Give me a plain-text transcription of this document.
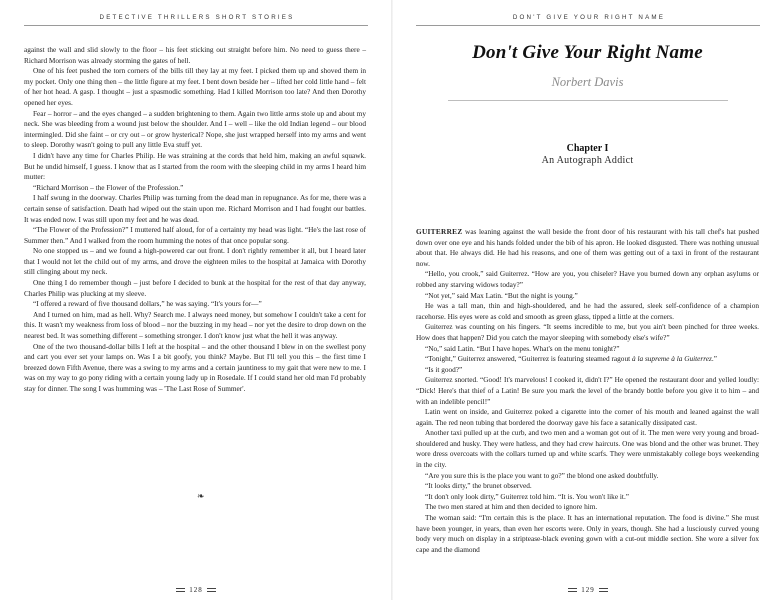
DETECTIVE THRILLERS SHORT STORIES

against the wall and slid slowly to the floor – his feet sticking out straight before him. No need to guess there – Richard Morrison was already storming the gates of hell.

One of his feet pushed the torn corners of the bills till they lay at my feet. I picked them up and shoved them in my pocket. Only one thing then – the little figure at my feet. I bent down beside her – lifted her cold little hand – felt of her hot head. A gasp. I thought – just a spasmodic something. Had I killed Morrison too late? And then Dorothy opened her eyes.

Fear – horror – and the eyes changed – a sudden brightening to them. Again two little arms stole up and about my neck. She was bleeding from a wound just below the shoulder. And I – well – like the old Indian legend – our blood intermingled. Did she faint – or cry out – or grow hysterical? Nope, she just wrapped herself into my arms and went to sleep. Dorothy wasn't going to pull any little Eva stuff yet.

I didn't have any time for Charles Philip. He was straining at the cords that held him, making an awful squawk. But he undid himself, I guess. I know that as I started from the room with the sleeping child in my arms I heard him mutter:

“Richard Morrison – the Flower of the Profession.”

I half swung in the doorway. Charles Philip was turning from the dead man in repugnance. As for me, there was a certain sense of satisfaction. Death had wiped out the stain upon me. Richard Morrison and I had fought our battles. It was ended now. I was still upon my feet and he was dead.

“The Flower of the Profession?” I muttered half aloud, for of a certainty my head was light. “He's the last rose of Summer then.” And I walked from the room humming the notes of that once popular song.

No one stopped us – and we found a high-powered car out front. I don't rightly remember it all, but I heard later that I would not let the child out of my arms, and drove the eighteen miles to the hospital at Jamaica with Dorothy still clinging about my neck.

One thing I do remember though – just before I decided to bunk at the hospital for the rest of that day anyway, Charles Philip was plucking at my sleeve.

“I offered a reward of five thousand dollars,” he was saying. “It's yours for—”

And I turned on him, mad as hell. Why? Search me. I always need money, but somehow I couldn't take a cent for this. It wasn't my weakness from loss of blood – nor the buzzing in my head – nor yet the desire to drop down on the nearest bed. It was something different – something stronger. I don't know just what the hell it was anyway.

One of the two thousand-dollar bills I left at the hospital – and the other thousand I blew in on the swellest pony and cart you ever set your lamps on. Was I a bit goofy, you think? Maybe. But I'll tell you this – the first time I breezed down Fifth Avenue, there was a swing to my arms and a certain jauntiness to my gait that were new to me. I was on my way to go pony riding with a certain young lady up in Rosedale. If I could stand her old man I'd probably stay for dinner. The song I was humming was – 'The Last Rose of Summer'.

❧
128
DON'T GIVE YOUR RIGHT NAME
Don't Give Your Right Name
Norbert Davis
Chapter I
An Autograph Addict

GUITERREZ was leaning against the wall beside the front door of his restaurant with his tall chef's hat pushed down over one eye and his hands folded under the bib of his apron. He looked disgusted. There was nothing unusual about that. He always did. He had his reasons, and one of them was getting out of a taxi in front of the restaurant now.

“Hello, you crook,” said Guiterrez. “How are you, you chiseler? Have you burned down any orphan asylums or robbed any starving widows today?”

“Not yet,” said Max Latin. “But the night is young.”

He was a tall man, thin and high-shouldered, and he had the assured, sleek self-confidence of a champion racehorse. His eyes were as cold and smooth as green glass, tipped a little at the corners.

Guiterrez was counting on his fingers. “It seems incredible to me, but you ain't been pinched for three weeks. How does that happen? Did you catch the mayor sleeping with somebody else's wife?”

“No,” said Latin. “But I have hopes. What's on the menu tonight?”

“Tonight,” Guiterrez answered, “Guiterrez is featuring steamed ragout à la supreme à la Guiterrez.”

“Is it good?”

Guiterrez snorted. “Good! It's marvelous! I cooked it, didn't I?” He opened the restaurant door and yelled loudly: “Dick! Here's that thief of a Latin! Be sure you mark the level of the brandy bottle before you give it to him – and with an indelible pencil!”

Latin went on inside, and Guiterrez poked a cigarette into the corner of his mouth and leaned against the wall again. The red neon tubing that bordered the doorway gave his face a satanically dissipated cast.

Another taxi pulled up at the curb, and two men and a woman got out of it. The men were very young and broad-shouldered and husky. They were hatless, and they had crew haircuts. One was blond and the other was brunet. They wore dress overcoats with the collars turned up and white scarfs. They were unmistakably college boys weekending in the city.

“Are you sure this is the place you want to go?” the blond one asked doubtfully.

“It looks dirty,” the brunet observed.

“It don't only look dirty,” Guiterrez told him. “It is. You won't like it.”

The two men stared at him and then decided to ignore him.

The woman said: “I'm certain this is the place. It has an international reputation. The food is divine.” She must have been younger, in years, than even her escorts were. Only in years, though. She had a lusciously curved young body very much on display in a striptease-black evening gown with a cut-out middle section. She wore a silver fox cape and the diamond

129
